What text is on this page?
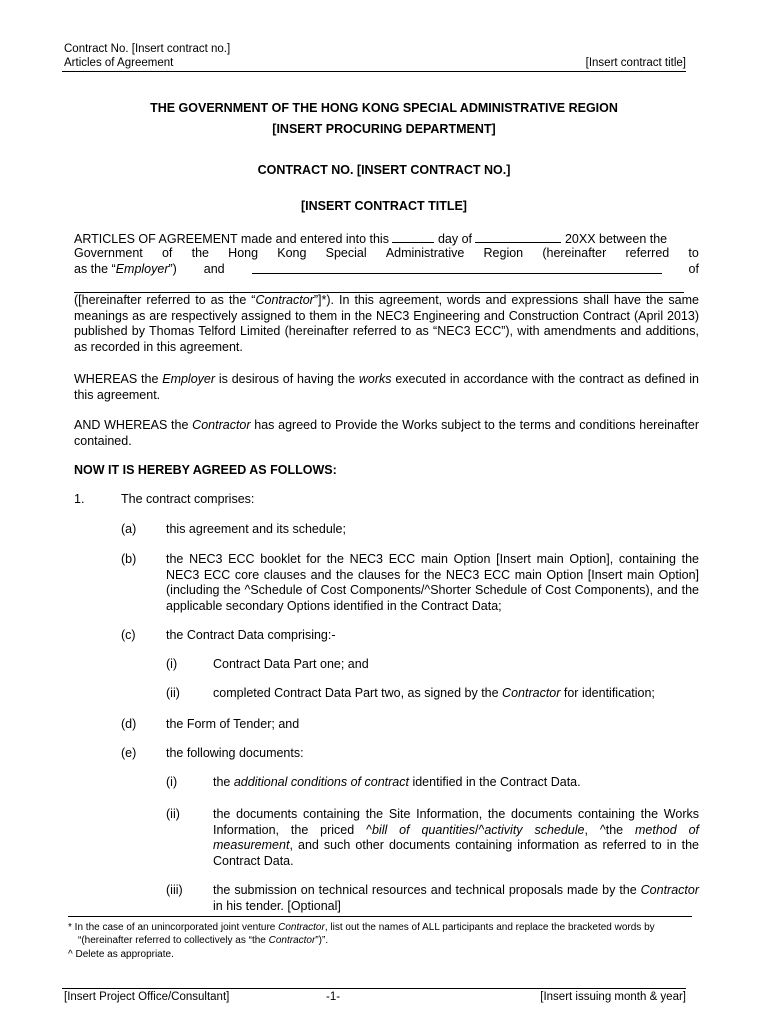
Contract No. [Insert contract no.]
Articles of Agreement	[Insert contract title]
THE GOVERNMENT OF THE HONG KONG SPECIAL ADMINISTRATIVE REGION
[INSERT PROCURING DEPARTMENT]
CONTRACT NO. [INSERT CONTRACT NO.]
[INSERT CONTRACT TITLE]
ARTICLES OF AGREEMENT made and entered into this	day of	20XX between the
Government of the Hong Kong Special Administrative Region (hereinafter referred to
as the “Employer”) and	of
([hereinafter referred to as the “Contractor”]*). In this agreement, words and expressions shall have the same meanings as are respectively assigned to them in the NEC3 Engineering and Construction Contract (April 2013) published by Thomas Telford Limited (hereinafter referred to as “NEC3 ECC”), with amendments and additions, as recorded in this agreement.
WHEREAS the Employer is desirous of having the works executed in accordance with the contract as defined in this agreement.
AND WHEREAS the Contractor has agreed to Provide the Works subject to the terms and conditions hereinafter contained.
NOW IT IS HEREBY AGREED AS FOLLOWS:
1.	The contract comprises:
(a) this agreement and its schedule;
(b) the NEC3 ECC booklet for the NEC3 ECC main Option [Insert main Option], containing the NEC3 ECC core clauses and the clauses for the NEC3 ECC main Option [Insert main Option] (including the ^Schedule of Cost Components/^Shorter Schedule of Cost Components), and the applicable secondary Options identified in the Contract Data;
(c) the Contract Data comprising:-
(i)	Contract Data Part one; and
(ii)	completed Contract Data Part two, as signed by the Contractor for identification;
(d) the Form of Tender; and
(e) the following documents:
(i)	the additional conditions of contract identified in the Contract Data.
(ii)	the documents containing the Site Information, the documents containing the Works Information, the priced ^bill of quantities/^activity schedule, ^the method of measurement, and such other documents containing information as referred to in the Contract Data.
(iii) the submission on technical resources and technical proposals made by the Contractor in his tender. [Optional]
* In the case of an unincorporated joint venture Contractor, list out the names of ALL participants and replace the bracketed words by
“(hereinafter referred to collectively as “the Contractor”)”.
^ Delete as appropriate.
[Insert Project Office/Consultant]	-1-	[Insert issuing month & year]
